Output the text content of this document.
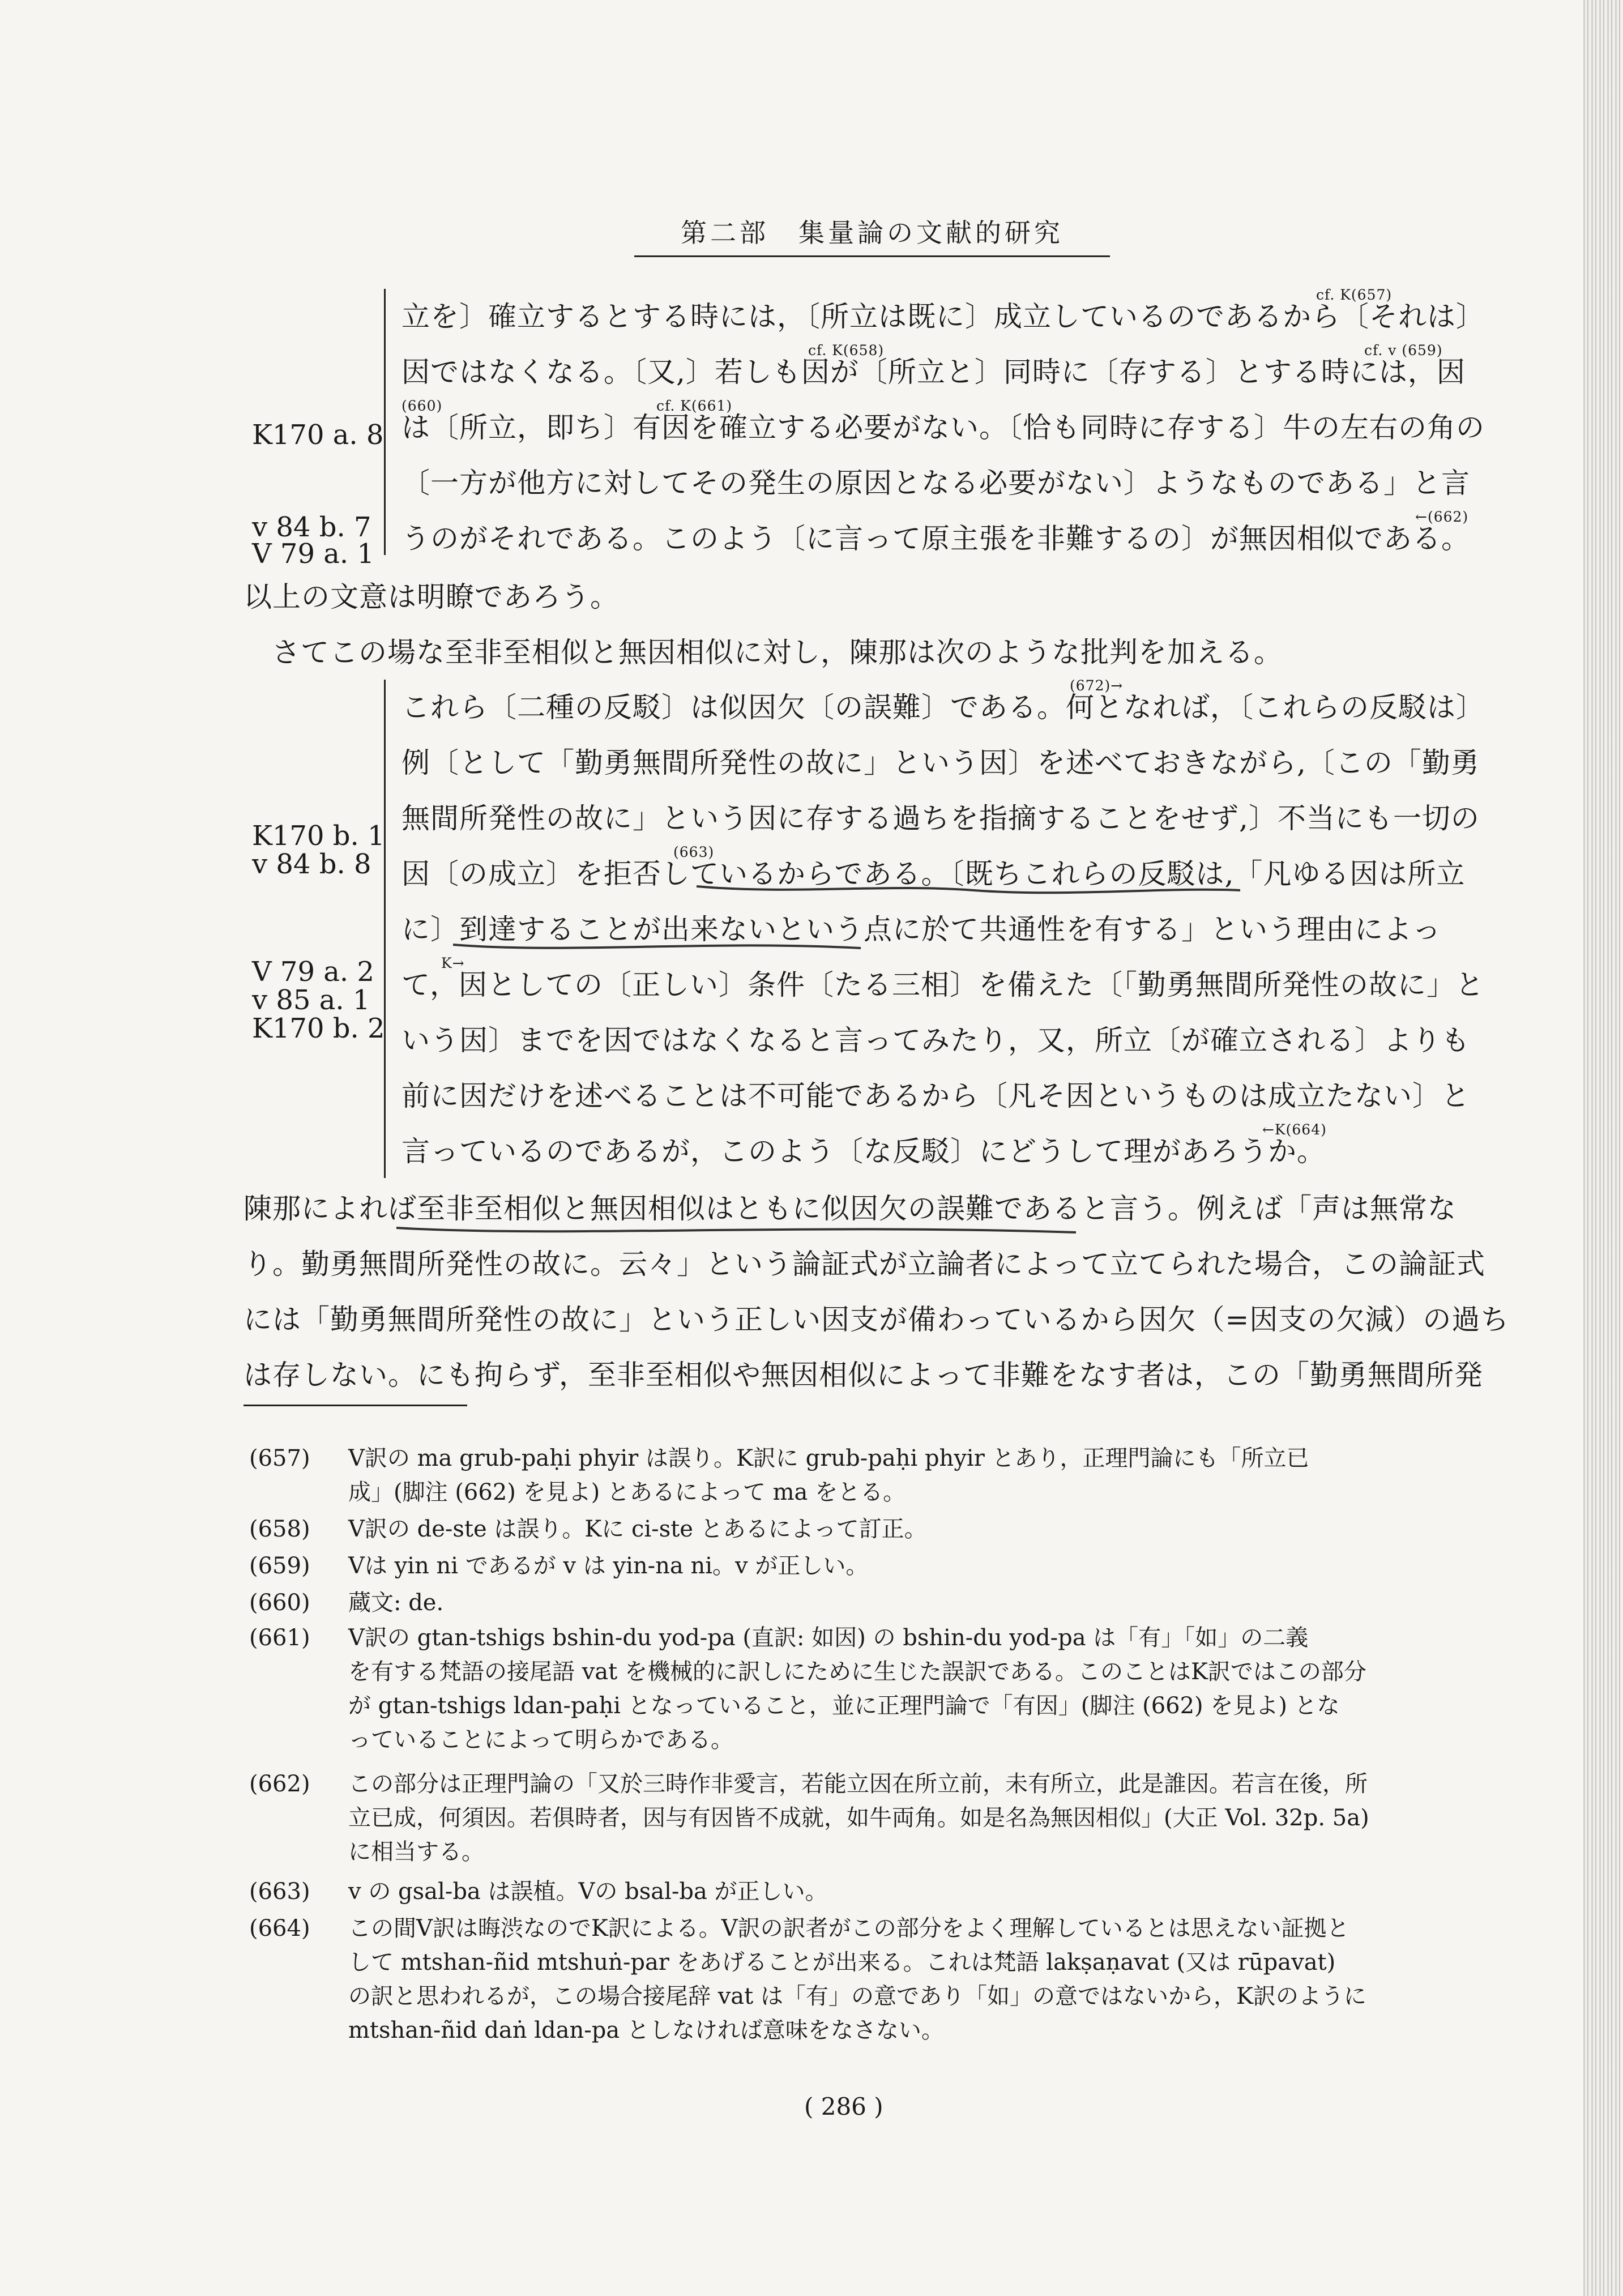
第二部　集量論の文献的研究
立を〕確立するとする時には，〔所立は既に〕成立しているのであるから〔それは〕
cf. K(657)
因ではなくなる。〔又,〕若しも因が〔所立と〕同時に〔存する〕とする時には，因
cf. K(658)	cf. v (659)
は〔所立，即ち〕有因を確立する必要がない。〔恰も同時に存する〕牛の左右の角の
(660)	cf. K(661)
〔一方が他方に対してその発生の原因となる必要がない〕ようなものである」と言
うのがそれである。このよう〔に言って原主張を非難するの〕が無因相似である。
←(662)
K170 a. 8
v 84 b. 7
V 79 a. 1
以上の文意は明瞭であろう。
さてこの場な至非至相似と無因相似に対し，陳那は次のような批判を加える。
これら〔二種の反駁〕は似因欠〔の誤難〕である。何となれば，〔これらの反駁は〕
(672)→
例〔として「勤勇無間所発性の故に」という因〕を述べておきながら,〔この「勤勇
無間所発性の故に」という因に存する過ちを指摘することをせず,〕不当にも一切の
因〔の成立〕を拒否しているからである。〔既ちこれらの反駁は,「凡ゆる因は所立
(663)
に〕到達することが出来ないという点に於て共通性を有する」という理由によっ
て，因としての〔正しい〕条件〔たる三相〕を備えた〔「勤勇無間所発性の故に」と
K→
いう因〕までを因ではなくなると言ってみたり，又，所立〔が確立される〕よりも
前に因だけを述べることは不可能であるから〔凡そ因というものは成立たない〕と
言っているのであるが，このよう〔な反駁〕にどうして理があろうか。
←K(664)
K170 b. 1
v 84 b. 8
V 79 a. 2
v 85 a. 1
K170 b. 2
陳那によれば至非至相似と無因相似はともに似因欠の誤難であると言う。例えば「声は無常な
り。勤勇無間所発性の故に。云々」という論証式が立論者によって立てられた場合，この論証式
には「勤勇無間所発性の故に」という正しい因支が備わっているから因欠（=因支の欠減）の過ち
は存しない。にも拘らず，至非至相似や無因相似によって非難をなす者は，この「勤勇無間所発
(657)	V訳の ma grub-paḥi phyir は誤り。K訳に grub-paḥi phyir とあり，正理門論にも「所立已
成」(脚注 (662) を見よ) とあるによって ma をとる。
(658)	V訳の de-ste は誤り。Kに ci-ste とあるによって訂正。
(659)	Vは yin ni であるが v は yin-na ni。v が正しい。
(660)	蔵文: de.
(661)	V訳の gtan-tshigs bshin-du yod-pa (直訳: 如因) の bshin-du yod-pa は「有」「如」の二義
を有する梵語の接尾語 vat を機械的に訳しにために生じた誤訳である。このことはK訳ではこの部分
が gtan-tshigs ldan-paḥi となっていること，並に正理門論で「有因」(脚注 (662) を見よ) とな
っていることによって明らかである。
(662)	この部分は正理門論の「又於三時作非愛言，若能立因在所立前，未有所立，此是誰因。若言在後，所
立已成，何須因。若俱時者，因与有因皆不成就，如牛両角。如是名為無因相似」(大正 Vol. 32p. 5a)
に相当する。
(663)	v の gsal-ba は誤植。Vの bsal-ba が正しい。
(664)	この間V訳は晦渋なのでK訳による。V訳の訳者がこの部分をよく理解しているとは思えない証拠と
して mtshan-ñid mtshuṅ-par をあげることが出来る。これは梵語 lakṣaṇavat (又は rūpavat)
の訳と思われるが，この場合接尾辞 vat は「有」の意であり「如」の意ではないから，K訳のように
mtshan-ñid daṅ ldan-pa としなければ意味をなさない。
( 286 )
